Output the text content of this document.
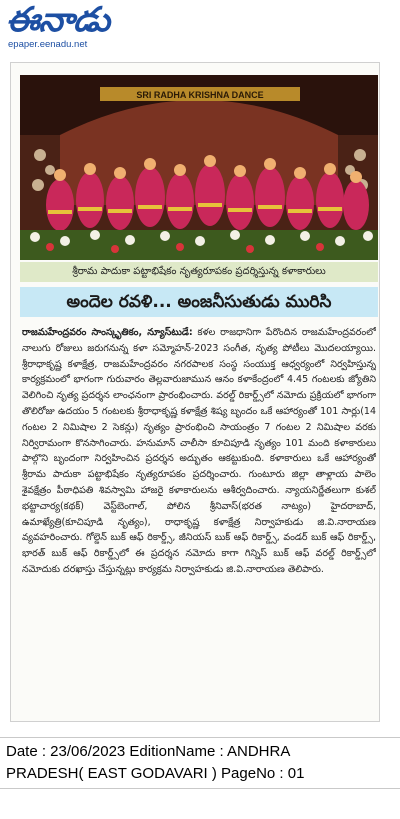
ఈనాడు
epaper.eenadu.net
SRI RADHA KRISHNA DANCE
శ్రీరామ పాదుకా పట్టాభిషేకం నృత్యరూపకం ప్రదర్శిస్తున్న కళాకారులు
అందెల రవళి... అంజనీసుతుడు మురిసి

రాజమహేంద్రవరం సాంస్కృతికం, న్యూస్‌టుడే: కళల రాజధానిగా పేరొందిన రాజమహేంద్రవరంలో నాలుగు రోజులు జరుగనున్న కళా సమ్మోహన్-2023 సంగీత, నృత్య పోటీలు మొదలయ్యాయి. శ్రీరాధాకృష్ణ కళాక్షేత్ర, రాజమహేంద్రవరం నగరపాలక సంస్థ సంయుక్త ఆధ్వర్యంలో నిర్వహిస్తున్న కార్యక్రమంలో భాగంగా గురువారం తెల్లవారుజామున ఆనం కళాకేంద్రంలో 4.45 గంటలకు జ్యోతిని వెలిగించి నృత్య ప్రదర్శన లాంఛనంగా ప్రారంభించారు. వరల్డ్ రికార్డ్స్‌లో నమోదు ప్రక్రియలో భాగంగా తొలిరోజు ఉదయం 5 గంటలకు శ్రీరాధాకృష్ణ కళాక్షేత్ర శిష్య బృందం ఒకే ఆహార్యంతో 101 సార్లు(14 గంటల 2 నిమిషాల 2 సెకన్లు) నృత్యం ప్రారంభించి సాయంత్రం 7 గంటల 2 నిమిషాల వరకు నిర్విరామంగా కొనసాగించారు. హనుమాన్ చాలీసా కూచిపూడి నృత్యం 101 మంది కళాకారులు పాల్గొని బృందంగా నిర్వహించిన ప్రదర్శన అద్భుతం ఆకట్టుకుంది. కళాకారులు ఒకే ఆహార్యంతో శ్రీరామ పాదుకా పట్టాభిషేకం నృత్యరూపకం ప్రదర్శించారు. గుంటూరు జిల్లా తాళ్లాయ పాలెం శైవక్షేత్రం పీఠాధిపతి శివస్వామి హాజరై కళాకారులను ఆశీర్వదించారు. న్యాయనిర్ణేతలుగా కుశల్ భట్టాచార్య(కథక్) వెస్ట్‌బెంగాల్, పోలిన శ్రీనివాస్(భరత నాట్యం) హైదరాబాద్, ఉమాఖ్యేత్రి(కూచిపూడి నృత్యం), రాధాకృష్ణ కళాక్షేత్ర నిర్వాహకుడు జి.వి.నారాయణ వ్యవహరించారు. గోల్డెన్ బుక్ ఆఫ్ రికార్డ్స్, జీనియస్ బుక్ ఆఫ్ రికార్డ్స్, వండర్ బుక్ ఆఫ్ రికార్డ్స్, భారత్ బుక్ ఆఫ్ రికార్డ్స్‌లో ఈ ప్రదర్శన నమోదు కాగా గిన్నిస్ బుక్ ఆఫ్ వరల్డ్ రికార్డ్స్‌లో నమోదుకు దరఖాస్తు చేస్తున్నట్లు కార్యక్రమ నిర్వాహకుడు జి.వి.నారాయణ తెలిపారు.

Date : 23/06/2023 EditionName : ANDHRA
PRADESH( EAST GODAVARI ) PageNo : 01
